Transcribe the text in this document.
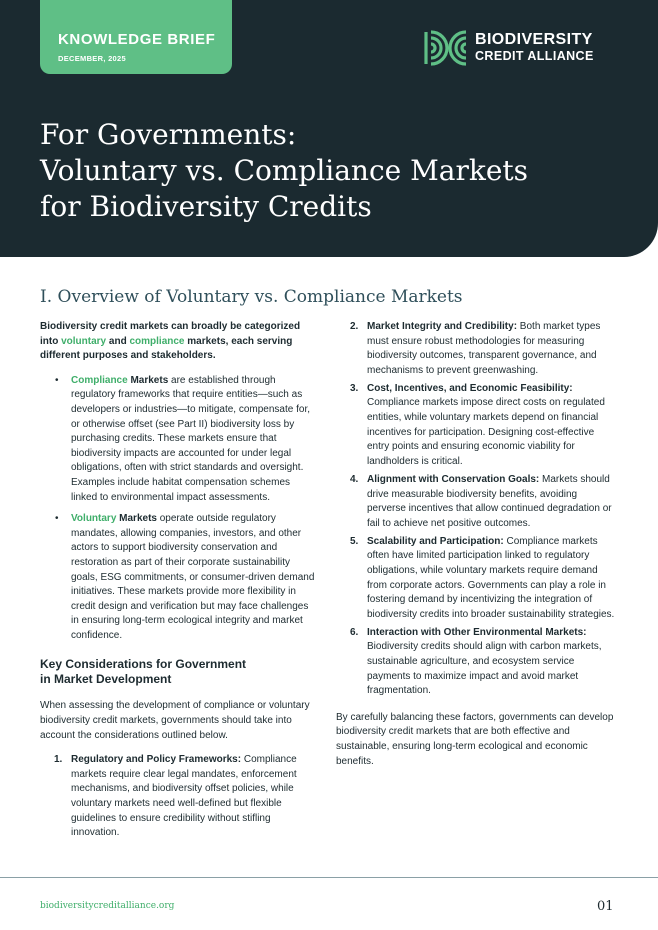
KNOWLEDGE BRIEF
DECEMBER, 2025
BIODIVERSITY
CREDIT ALLIANCE
For Governments:
Voluntary vs. Compliance Markets
for Biodiversity Credits
I. Overview of Voluntary vs. Compliance Markets

Biodiversity credit markets can broadly be categorized into voluntary and compliance markets, each serving different purposes and stakeholders.

• Compliance Markets are established through regulatory frameworks that require entities—such as developers or industries—to mitigate, compensate for, or otherwise offset (see Part II) biodiversity loss by purchasing credits. These markets ensure that biodiversity impacts are accounted for under legal obligations, often with strict standards and oversight. Examples include habitat compensation schemes linked to environmental impact assessments.
• Voluntary Markets operate outside regulatory mandates, allowing companies, investors, and other actors to support biodiversity conservation and restoration as part of their corporate sustainability goals, ESG commitments, or consumer-driven demand initiatives. These markets provide more flexibility in credit design and verification but may face challenges in ensuring long-term ecological integrity and market confidence.
Key Considerations for Government
in Market Development

When assessing the development of compliance or voluntary biodiversity credit markets, governments should take into account the considerations outlined below.

1. Regulatory and Policy Frameworks: Compliance markets require clear legal mandates, enforcement mechanisms, and biodiversity offset policies, while voluntary markets need well-defined but flexible guidelines to ensure credibility without stifling innovation.
2. Market Integrity and Credibility: Both market types must ensure robust methodologies for measuring biodiversity outcomes, transparent governance, and mechanisms to prevent greenwashing.
3. Cost, Incentives, and Economic Feasibility: Compliance markets impose direct costs on regulated entities, while voluntary markets depend on financial incentives for participation. Designing cost-effective entry points and ensuring economic viability for landholders is critical.
4. Alignment with Conservation Goals: Markets should drive measurable biodiversity benefits, avoiding perverse incentives that allow continued degradation or fail to achieve net positive outcomes.
5. Scalability and Participation: Compliance markets often have limited participation linked to regulatory obligations, while voluntary markets require demand from corporate actors. Governments can play a role in fostering demand by incentivizing the integration of biodiversity credits into broader sustainability strategies.
6. Interaction with Other Environmental Markets: Biodiversity credits should align with carbon markets, sustainable agriculture, and ecosystem service payments to maximize impact and avoid market fragmentation.

By carefully balancing these factors, governments can develop biodiversity credit markets that are both effective and sustainable, ensuring long-term ecological and economic benefits.

biodiversitycreditalliance.org	01
